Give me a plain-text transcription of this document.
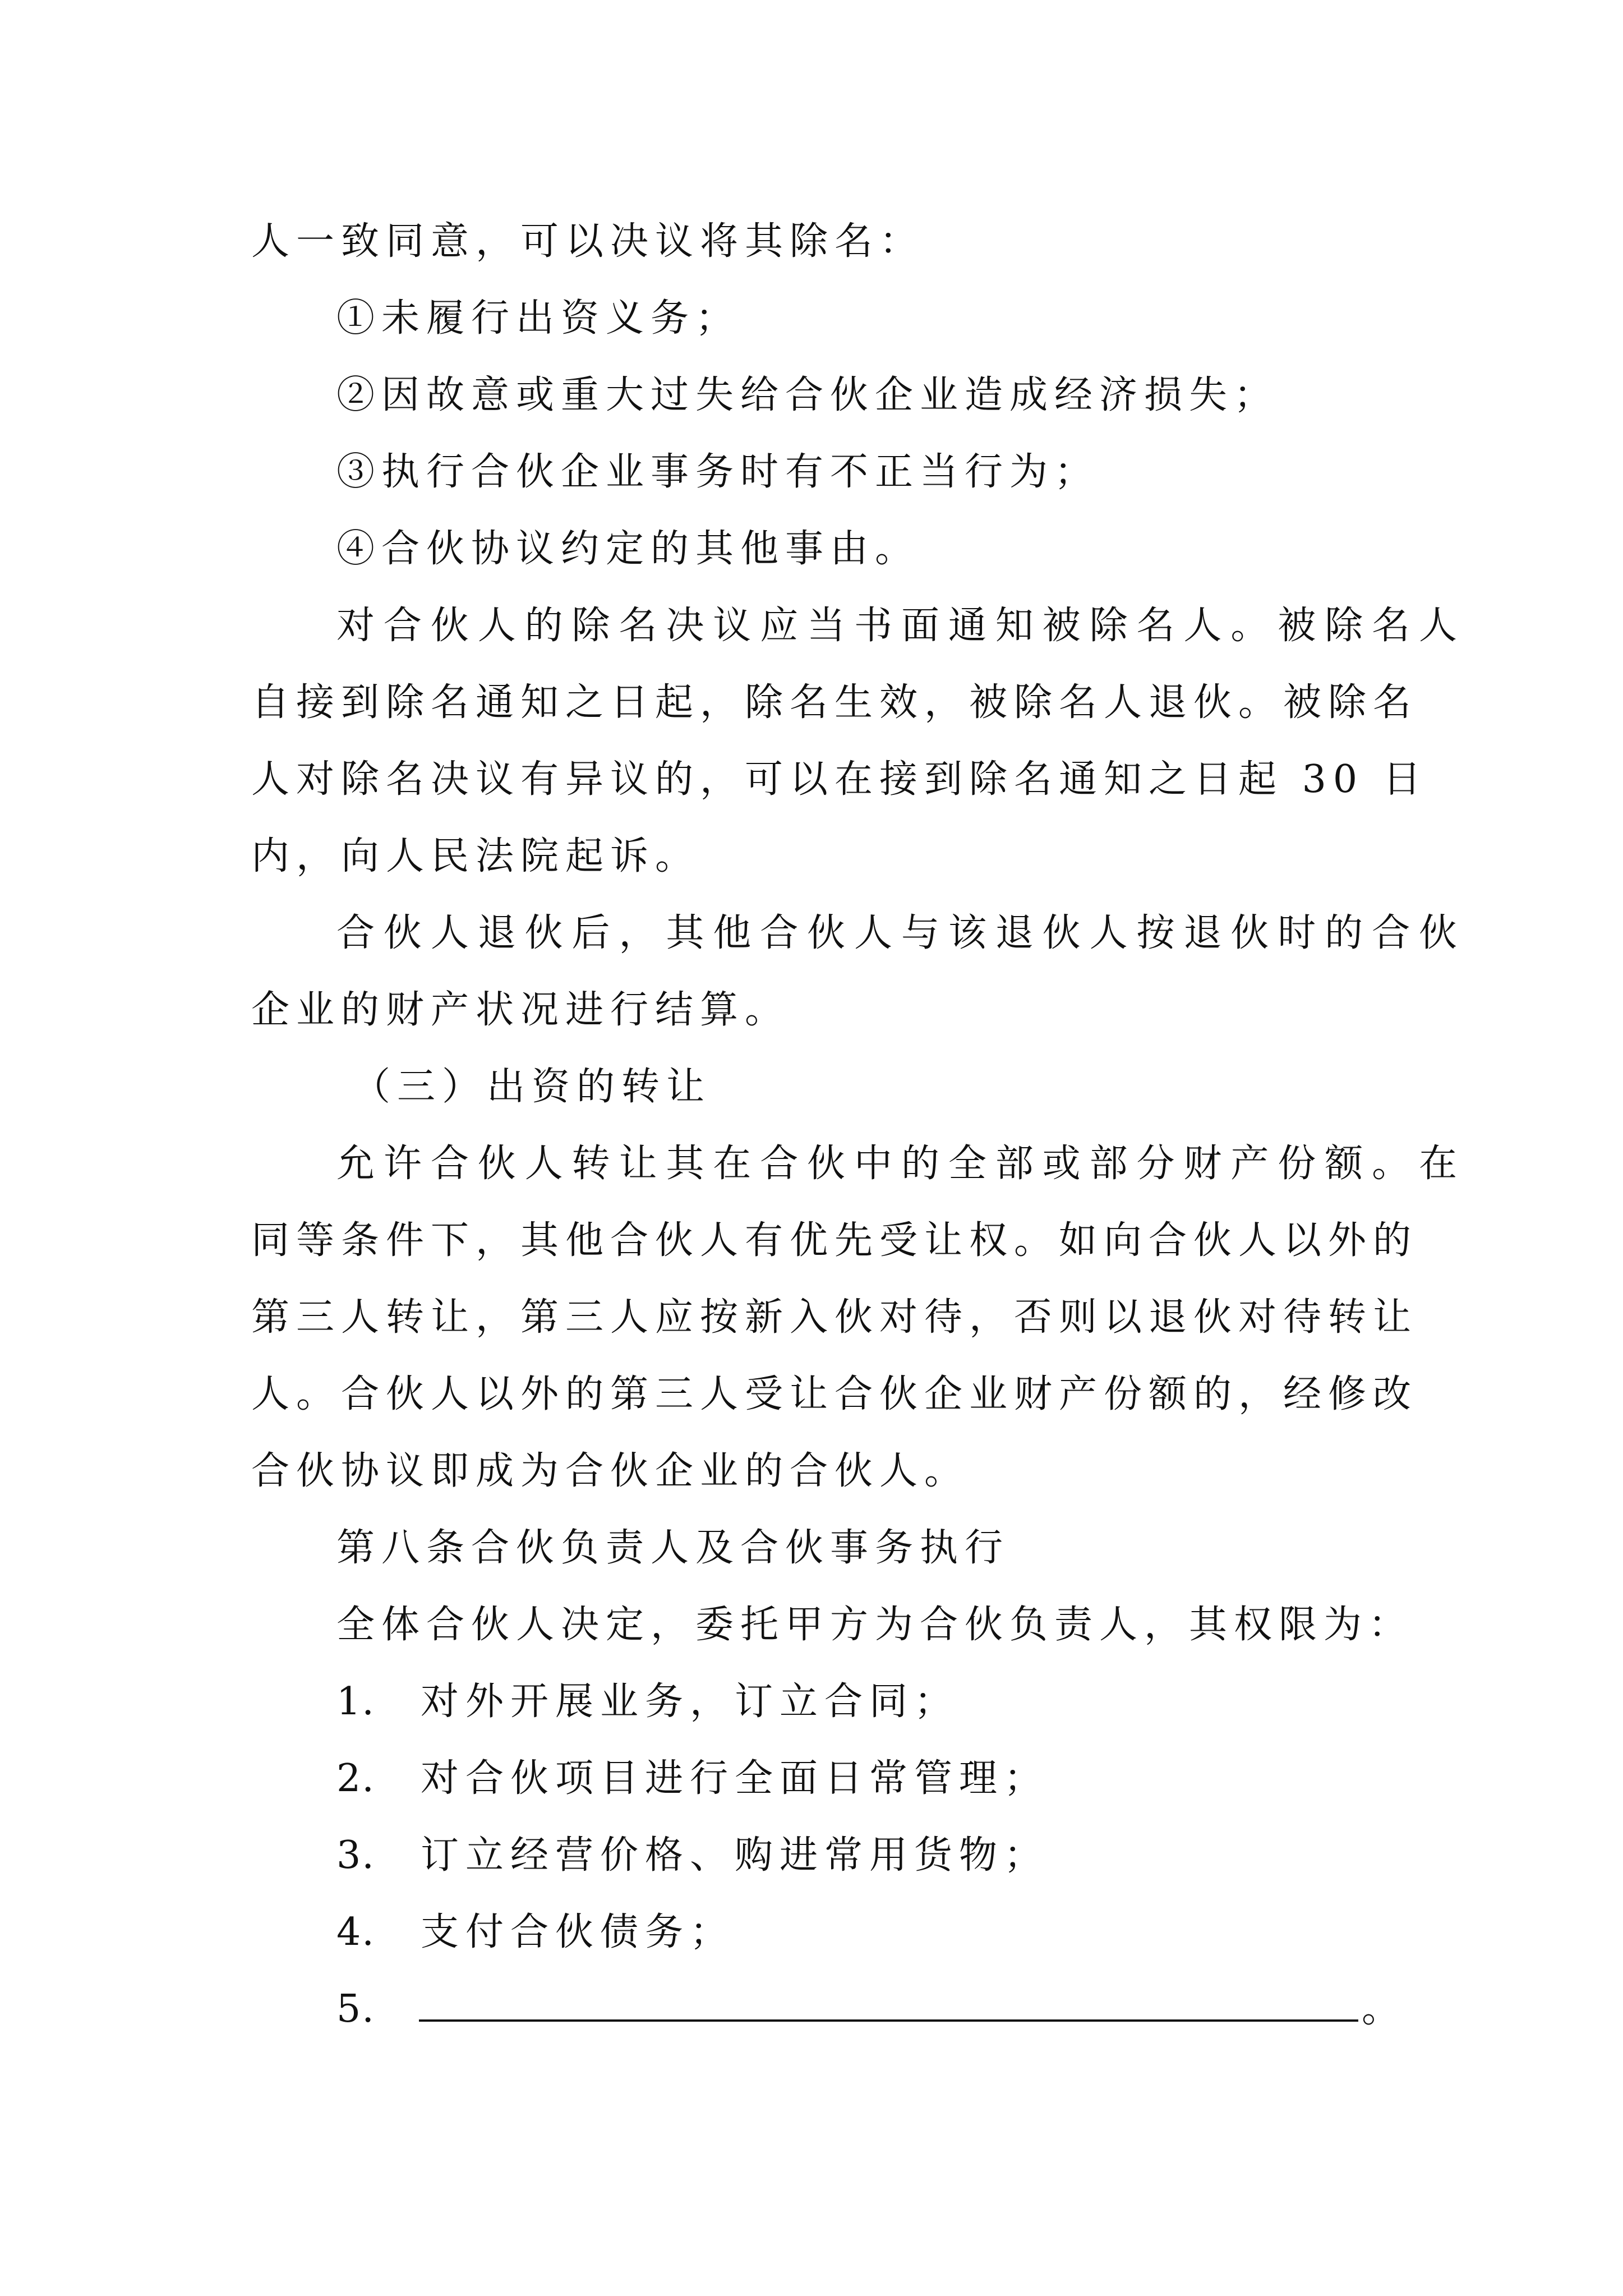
人一致同意，可以决议将其除名：
①未履行出资义务；
②因故意或重大过失给合伙企业造成经济损失；
③执行合伙企业事务时有不正当行为；
④合伙协议约定的其他事由。
对合伙人的除名决议应当书面通知被除名人。被除名人
自接到除名通知之日起，除名生效，被除名人退伙。被除名
人对除名决议有异议的，可以在接到除名通知之日起 30 日
内，向人民法院起诉。
合伙人退伙后，其他合伙人与该退伙人按退伙时的合伙
企业的财产状况进行结算。
（三）出资的转让
允许合伙人转让其在合伙中的全部或部分财产份额。在
同等条件下，其他合伙人有优先受让权。如向合伙人以外的
第三人转让，第三人应按新入伙对待，否则以退伙对待转让
人。合伙人以外的第三人受让合伙企业财产份额的，经修改
合伙协议即成为合伙企业的合伙人。
第八条合伙负责人及合伙事务执行
全体合伙人决定，委托甲方为合伙负责人，其权限为：
1.	对外开展业务，订立合同；
2.	对合伙项目进行全面日常管理；
3.	订立经营价格、购进常用货物；
4.	支付合伙债务；
5.	。
